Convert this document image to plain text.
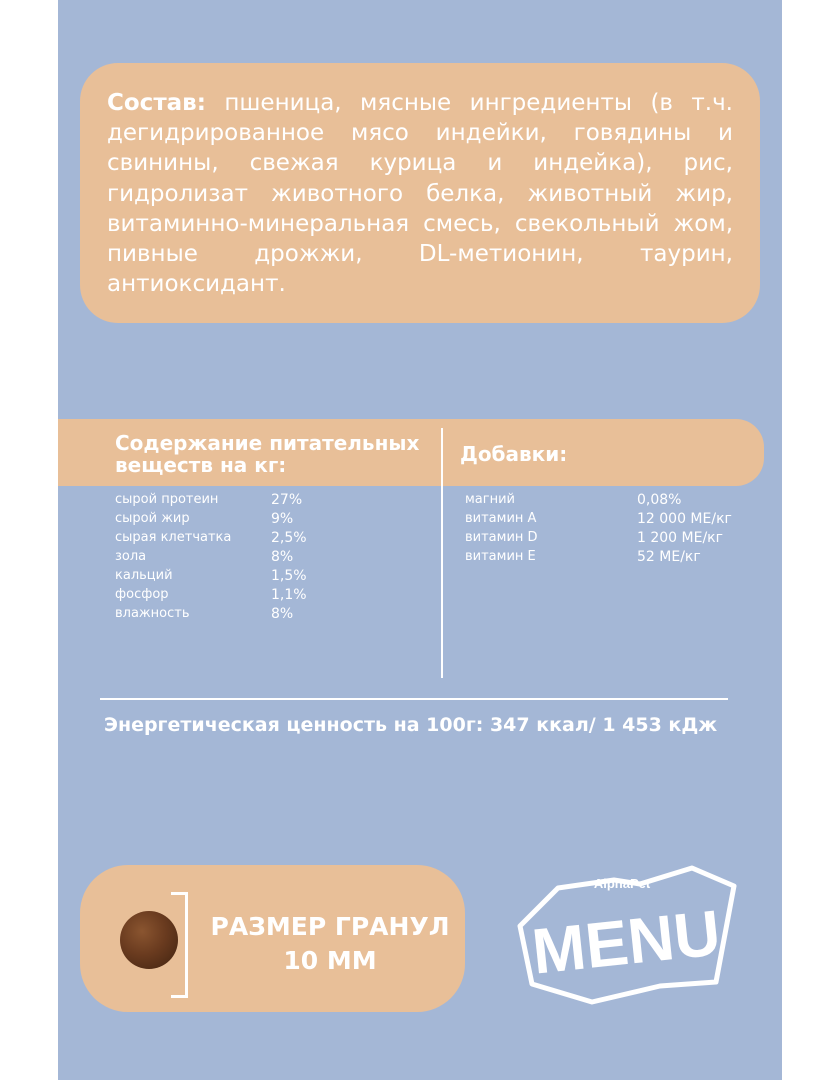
Состав: пшеница, мясные ингредиенты (в т.ч. дегидрированное мясо индейки, говядины и свинины, свежая курица и индейка), рис, гидролизат животного белка, животный жир, витаминно-минеральная смесь, свекольный жом, пивные дрожжи, DL-метионин, таурин, антиоксидант.

Содержание питательных веществ на кг:	Добавки:

сырой протеин	27%
сырой жир	9%
сырая клетчатка	2,5%
зола	8%
кальций	1,5%
фосфор	1,1%
влажность	8%
магний	0,08%
витамин A	12 000 МЕ/кг
витамин D	1 200 МЕ/кг
витамин E	52 МЕ/кг

Энергетическая ценность на 100г: 347 ккал/ 1 453 кДж

РАЗМЕР ГРАНУЛ
10 ММ

AlphaPet
MENU
